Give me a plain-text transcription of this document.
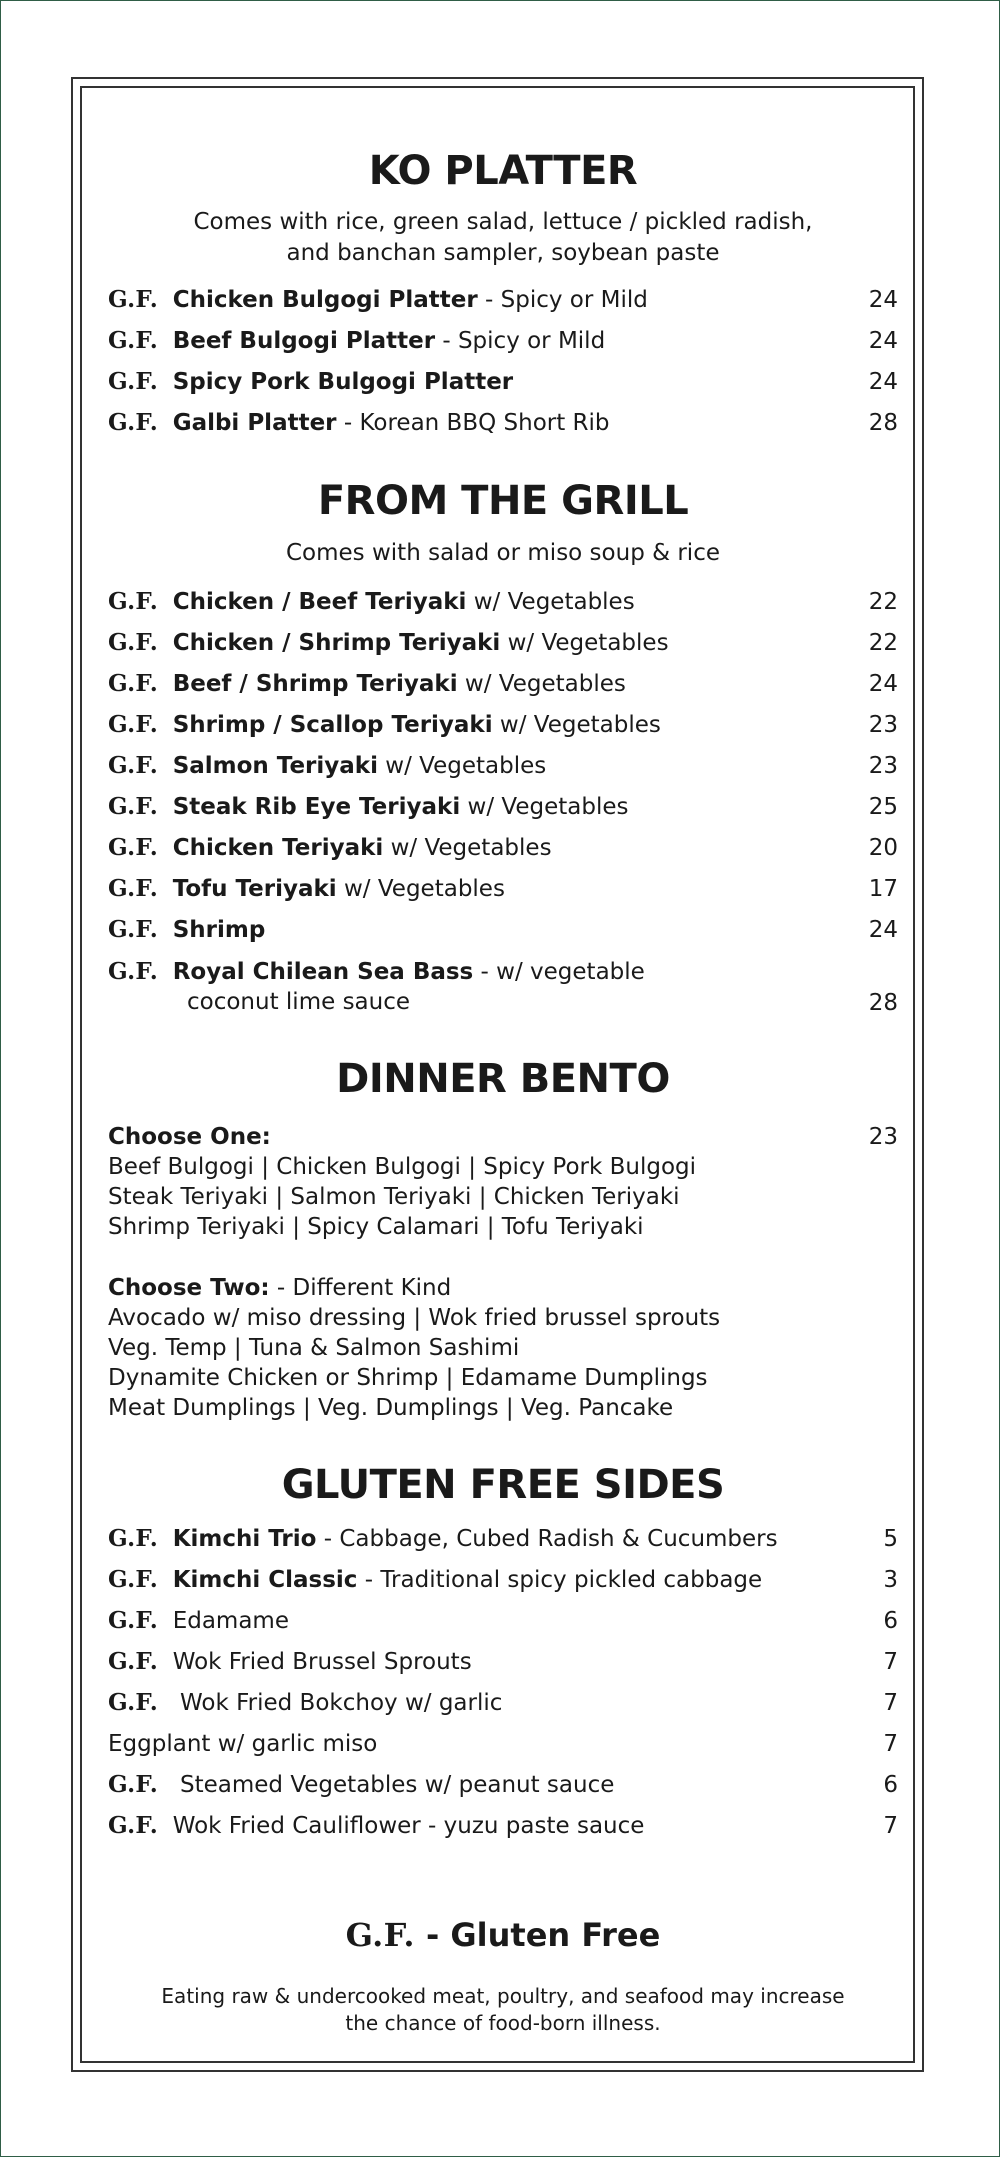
KO PLATTER
Comes with rice, green salad, lettuce / pickled radish,
and banchan sampler, soybean paste
G.F. Chicken Bulgogi Platter - Spicy or Mild	24
G.F. Beef Bulgogi Platter - Spicy or Mild	24
G.F. Spicy Pork Bulgogi Platter	24
G.F. Galbi Platter - Korean BBQ Short Rib	28
FROM THE GRILL
Comes with salad or miso soup & rice
G.F. Chicken / Beef Teriyaki w/ Vegetables	22
G.F. Chicken / Shrimp Teriyaki w/ Vegetables	22
G.F. Beef / Shrimp Teriyaki w/ Vegetables	24
G.F. Shrimp / Scallop Teriyaki w/ Vegetables	23
G.F. Salmon Teriyaki w/ Vegetables	23
G.F. Steak Rib Eye Teriyaki w/ Vegetables	25
G.F. Chicken Teriyaki w/ Vegetables	20
G.F. Tofu Teriyaki w/ Vegetables	17
G.F. Shrimp	24
G.F. Royal Chilean Sea Bass - w/ vegetable
coconut lime sauce	28
DINNER BENTO
Choose One:	23
Beef Bulgogi | Chicken Bulgogi | Spicy Pork Bulgogi
Steak Teriyaki | Salmon Teriyaki | Chicken Teriyaki
Shrimp Teriyaki | Spicy Calamari | Tofu Teriyaki
Choose Two: - Different Kind
Avocado w/ miso dressing | Wok fried brussel sprouts
Veg. Temp | Tuna & Salmon Sashimi
Dynamite Chicken or Shrimp | Edamame Dumplings
Meat Dumplings | Veg. Dumplings | Veg. Pancake
GLUTEN FREE SIDES
G.F. Kimchi Trio - Cabbage, Cubed Radish & Cucumbers	5
G.F. Kimchi Classic - Traditional spicy pickled cabbage	3
G.F. Edamame	6
G.F. Wok Fried Brussel Sprouts	7
G.F. Wok Fried Bokchoy w/ garlic	7
Eggplant w/ garlic miso	7
G.F. Steamed Vegetables w/ peanut sauce	6
G.F. Wok Fried Cauliflower - yuzu paste sauce	7
G.F. - Gluten Free
Eating raw & undercooked meat, poultry, and seafood may increase
the chance of food-born illness.
